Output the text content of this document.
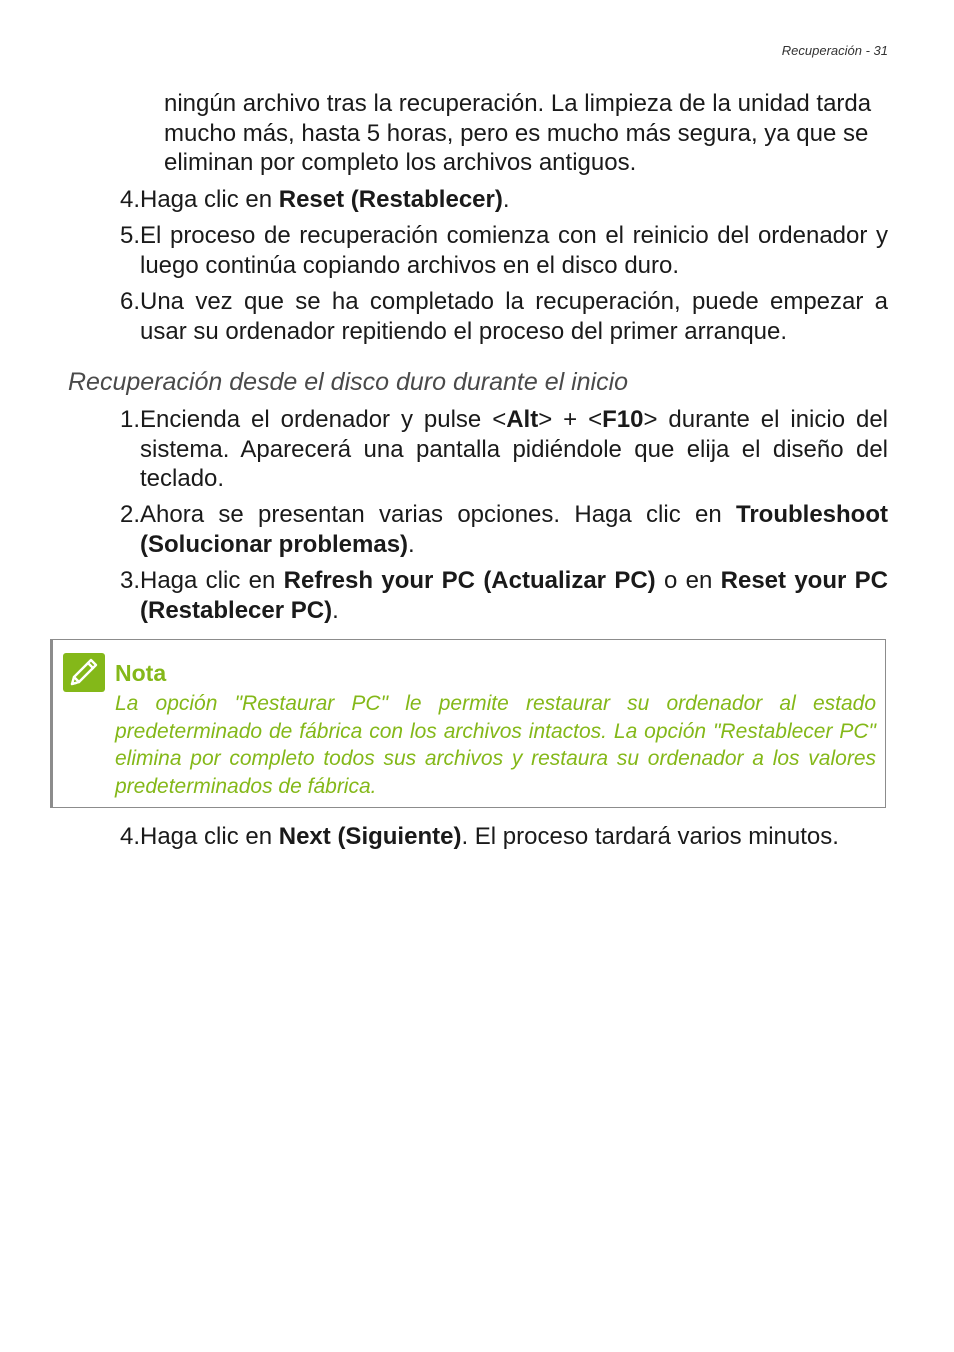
Recuperación - 31
ningún archivo tras la recuperación. La limpieza de la unidad tarda mucho más, hasta 5 horas, pero es mucho más segura, ya que se eliminan por completo los archivos antiguos.
4. Haga clic en Reset (Restablecer).
5. El proceso de recuperación comienza con el reinicio del ordenador y luego continúa copiando archivos en el disco duro.
6. Una vez que se ha completado la recuperación, puede empezar a usar su ordenador repitiendo el proceso del primer arranque.
Recuperación desde el disco duro durante el inicio
1. Encienda el ordenador y pulse <Alt> + <F10> durante el inicio del sistema. Aparecerá una pantalla pidiéndole que elija el diseño del teclado.
2. Ahora se presentan varias opciones. Haga clic en Troubleshoot (Solucionar problemas).
3. Haga clic en Refresh your PC (Actualizar PC) o en Reset your PC (Restablecer PC).
Nota
La opción "Restaurar PC" le permite restaurar su ordenador al estado predeterminado de fábrica con los archivos intactos. La opción "Restablecer PC" elimina por completo todos sus archivos y restaura su ordenador a los valores predeterminados de fábrica.
4. Haga clic en Next (Siguiente). El proceso tardará varios minutos.
